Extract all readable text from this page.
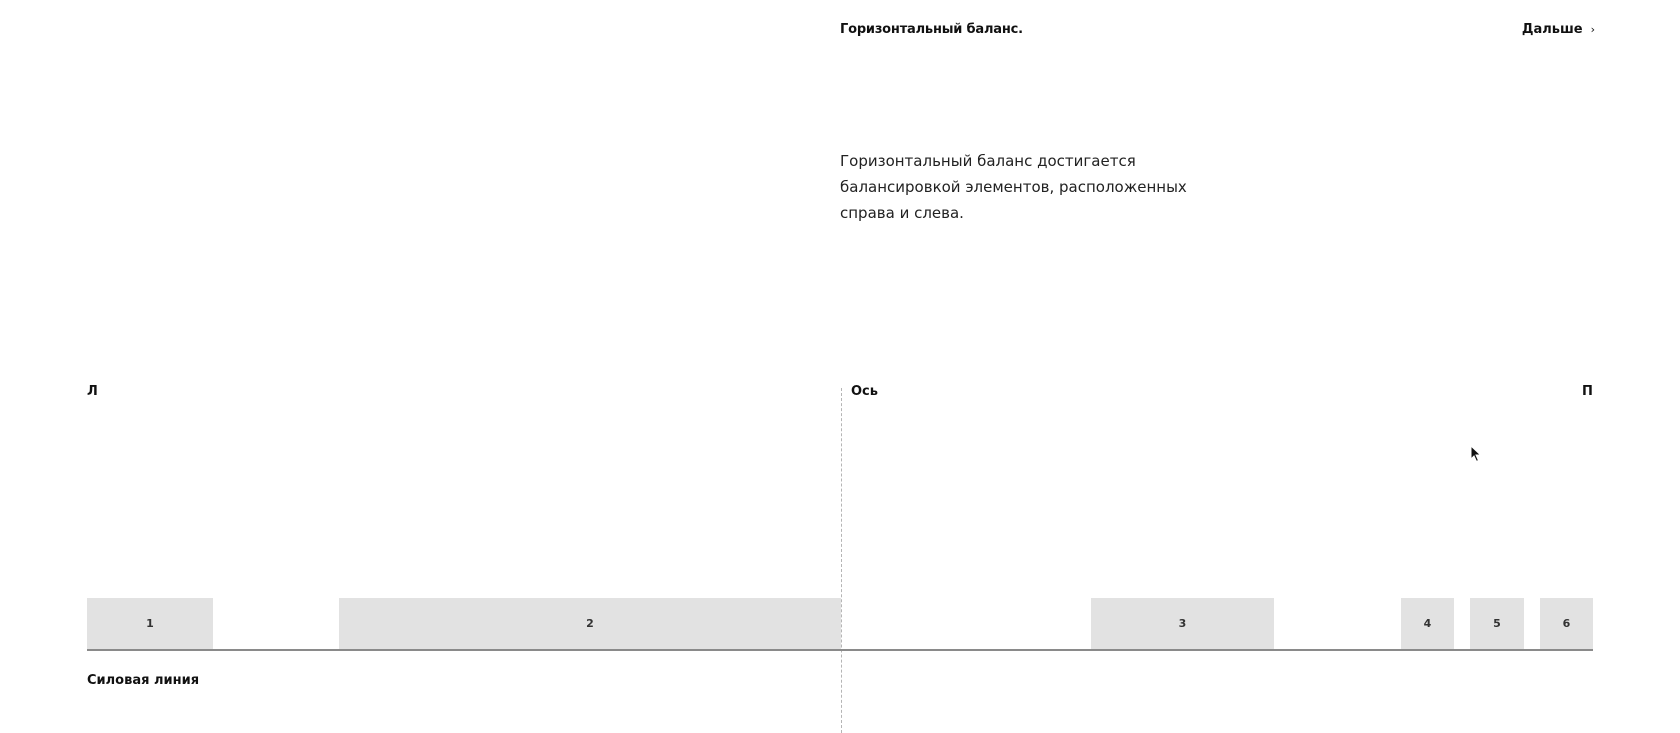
Горизонтальный баланс.	Дальше ›
Горизонтальный баланс достигается балансировкой элементов, расположенных справа и слева.
Л	Ось	П
1	2	3	4	5	6
Силовая линия
